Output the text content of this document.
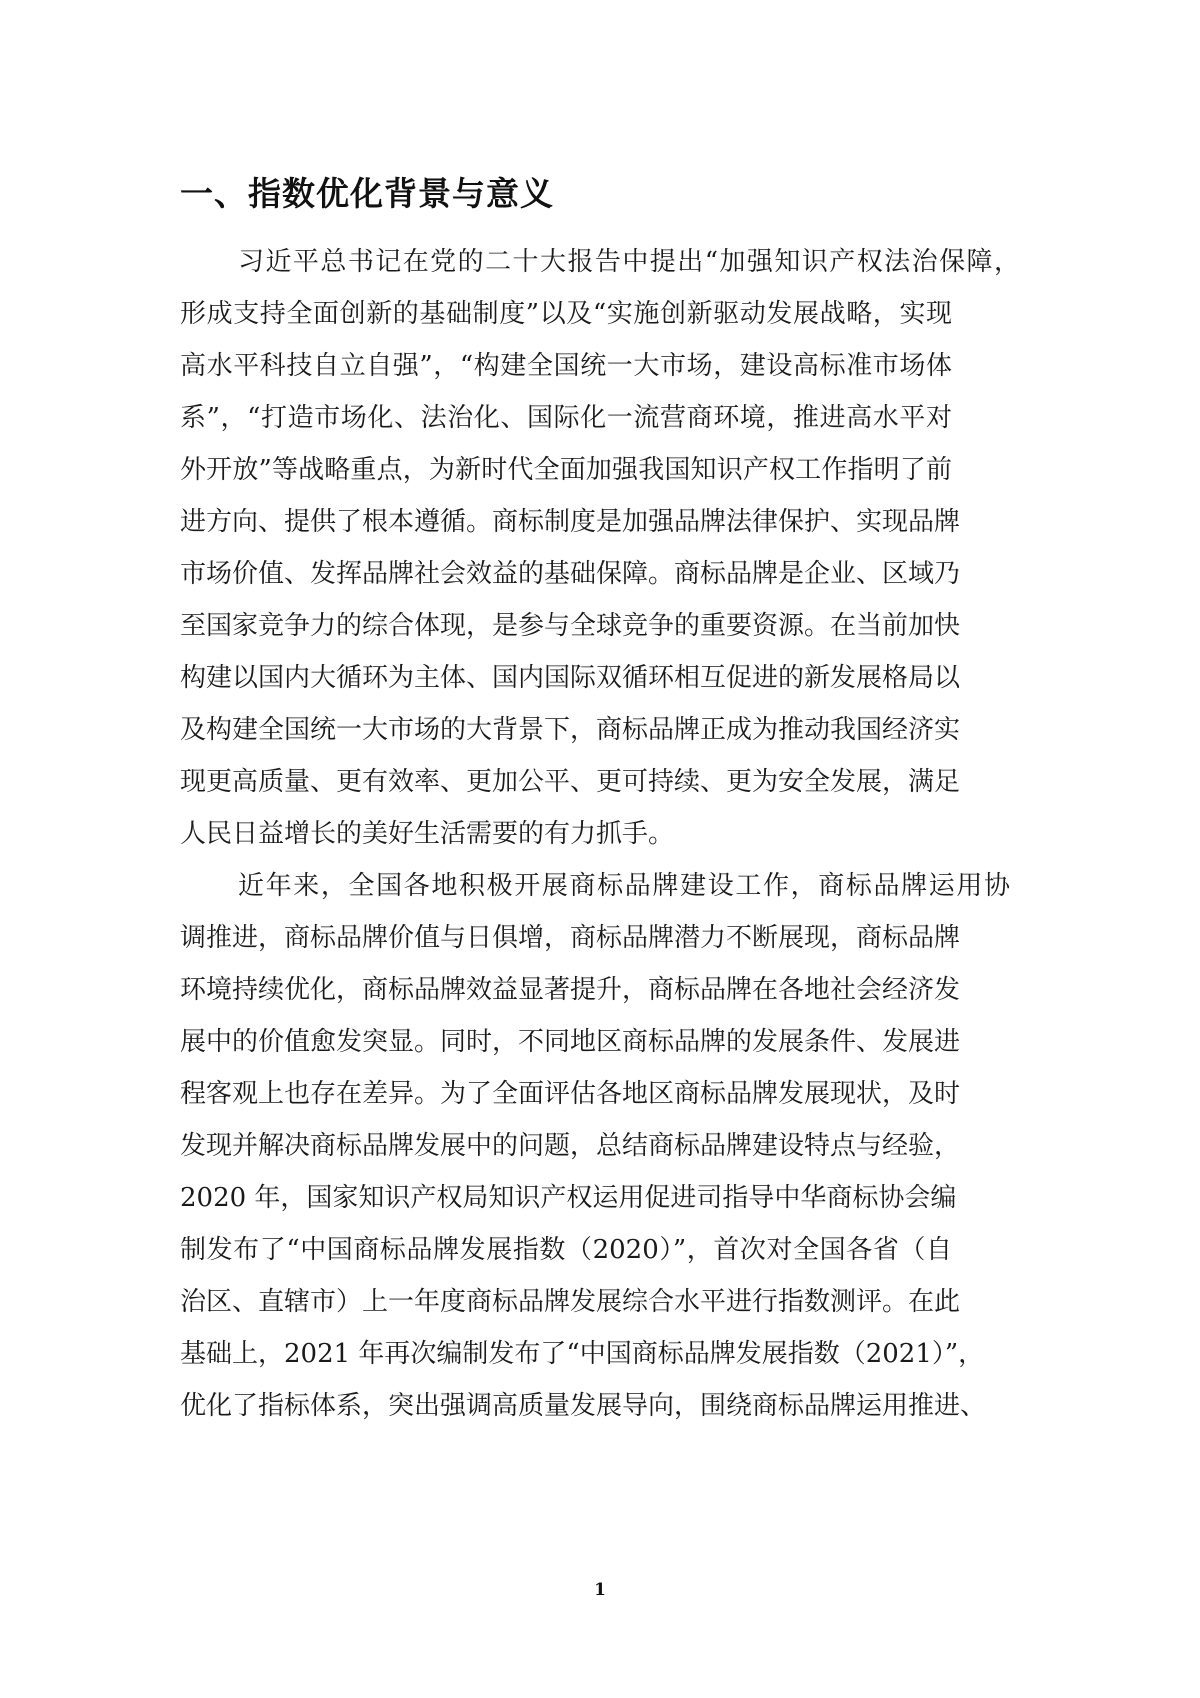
一、指数优化背景与意义
习近平总书记在党的二十大报告中提出“加强知识产权法治保障，
形成支持全面创新的基础制度”以及“实施创新驱动发展战略，实现
高水平科技自立自强”，“构建全国统一大市场，建设高标准市场体
系”，“打造市场化、法治化、国际化一流营商环境，推进高水平对
外开放”等战略重点，为新时代全面加强我国知识产权工作指明了前
进方向、提供了根本遵循。商标制度是加强品牌法律保护、实现品牌
市场价值、发挥品牌社会效益的基础保障。商标品牌是企业、区域乃
至国家竞争力的综合体现，是参与全球竞争的重要资源。在当前加快
构建以国内大循环为主体、国内国际双循环相互促进的新发展格局以
及构建全国统一大市场的大背景下，商标品牌正成为推动我国经济实
现更高质量、更有效率、更加公平、更可持续、更为安全发展，满足
人民日益增长的美好生活需要的有力抓手。
近年来，全国各地积极开展商标品牌建设工作，商标品牌运用协
调推进，商标品牌价值与日俱增，商标品牌潜力不断展现，商标品牌
环境持续优化，商标品牌效益显著提升，商标品牌在各地社会经济发
展中的价值愈发突显。同时，不同地区商标品牌的发展条件、发展进
程客观上也存在差异。为了全面评估各地区商标品牌发展现状，及时
发现并解决商标品牌发展中的问题，总结商标品牌建设特点与经验，
2020 年，国家知识产权局知识产权运用促进司指导中华商标协会编
制发布了“中国商标品牌发展指数（2020）”，首次对全国各省（自
治区、直辖市）上一年度商标品牌发展综合水平进行指数测评。在此
基础上，2021 年再次编制发布了“中国商标品牌发展指数（2021）”，
优化了指标体系，突出强调高质量发展导向，围绕商标品牌运用推进、
1
